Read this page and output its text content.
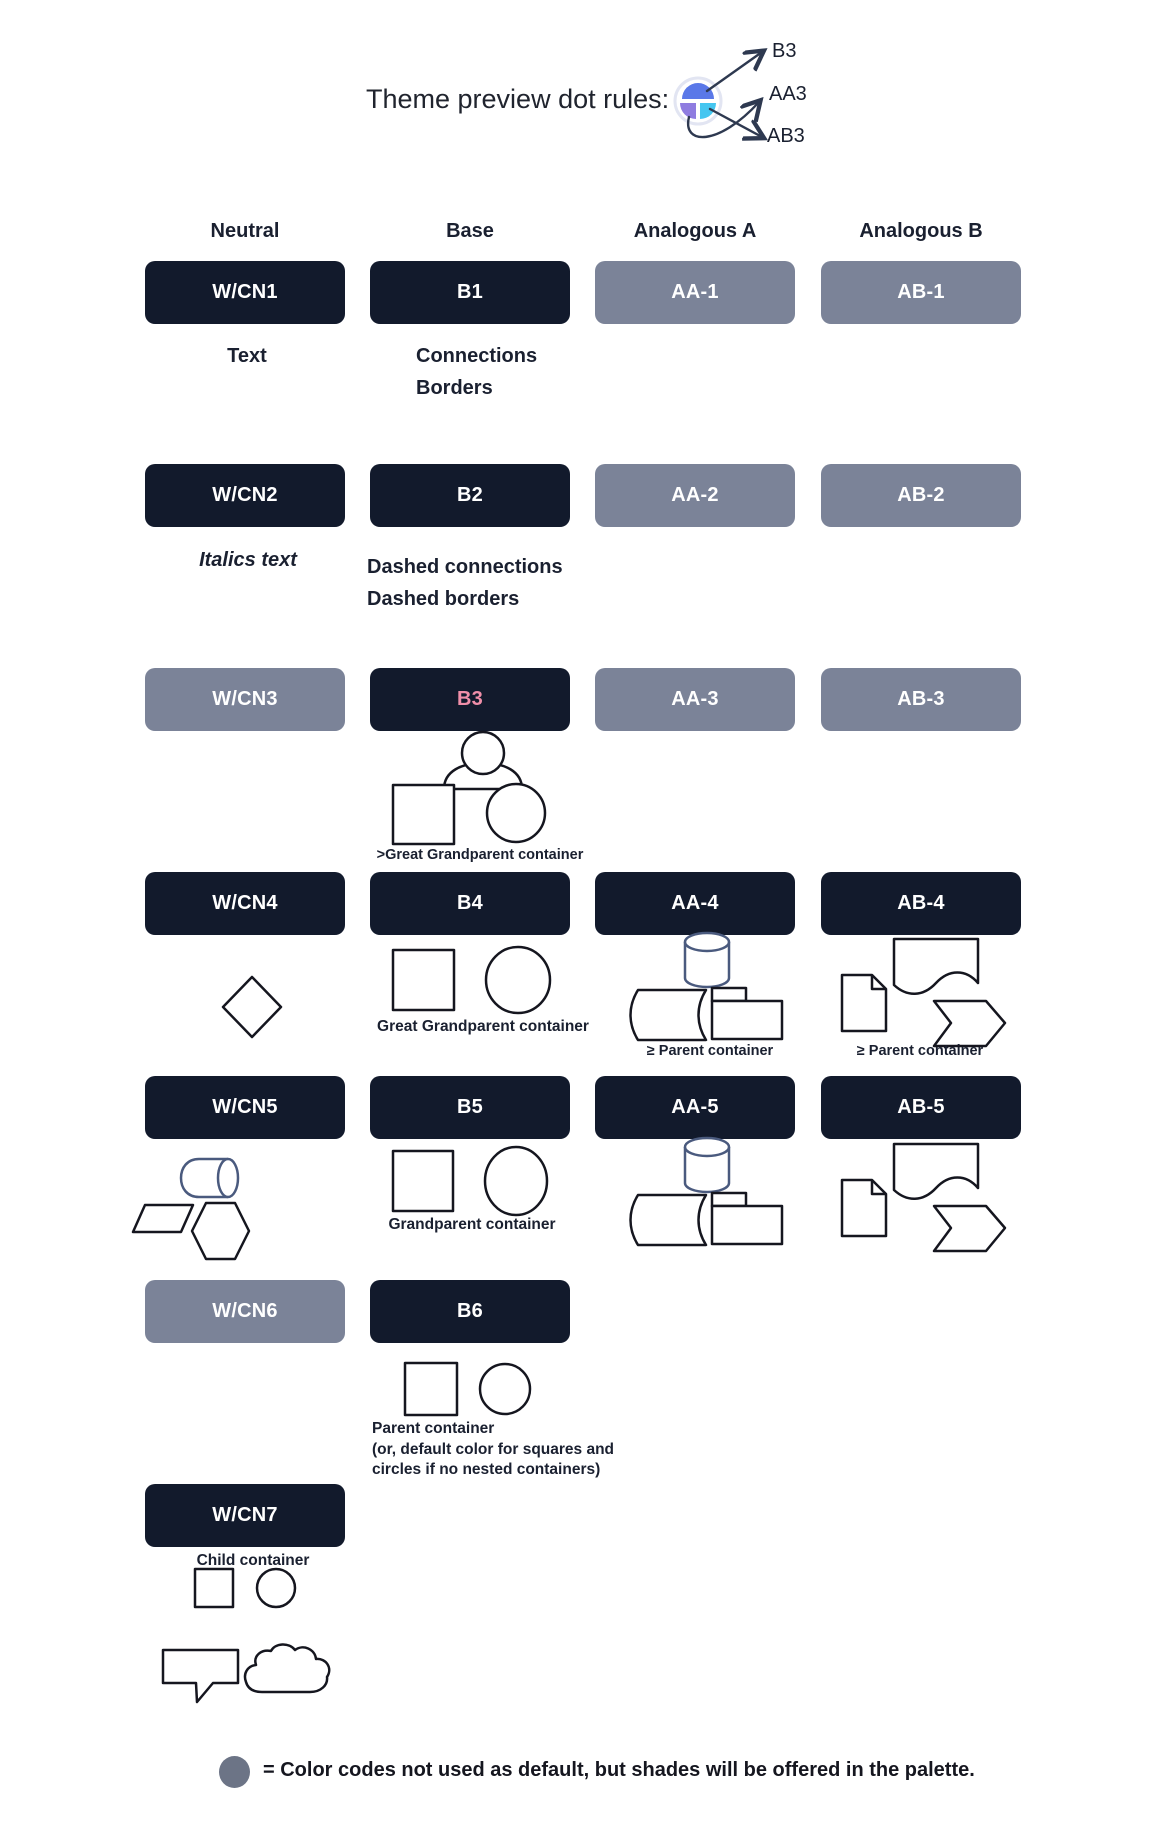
Theme preview dot rules:
B3
AA3
AB3
Neutral	Base	Analogous A	Analogous B
W/CN1	B1	AA-1	AB-1
Text	Connections
Borders
W/CN2	B2	AA-2	AB-2
Italics text	Dashed connections
Dashed borders
W/CN3	B3	AA-3	AB-3
>Great Grandparent container
W/CN4	B4	AA-4	AB-4
Great Grandparent container
≥ Parent container	≥ Parent container
W/CN5	B5	AA-5	AB-5
Grandparent container
W/CN6	B6
Parent container
(or, default color for squares and
circles if no nested containers)
W/CN7
Child container
= Color codes not used as default, but shades will be offered in the palette.
